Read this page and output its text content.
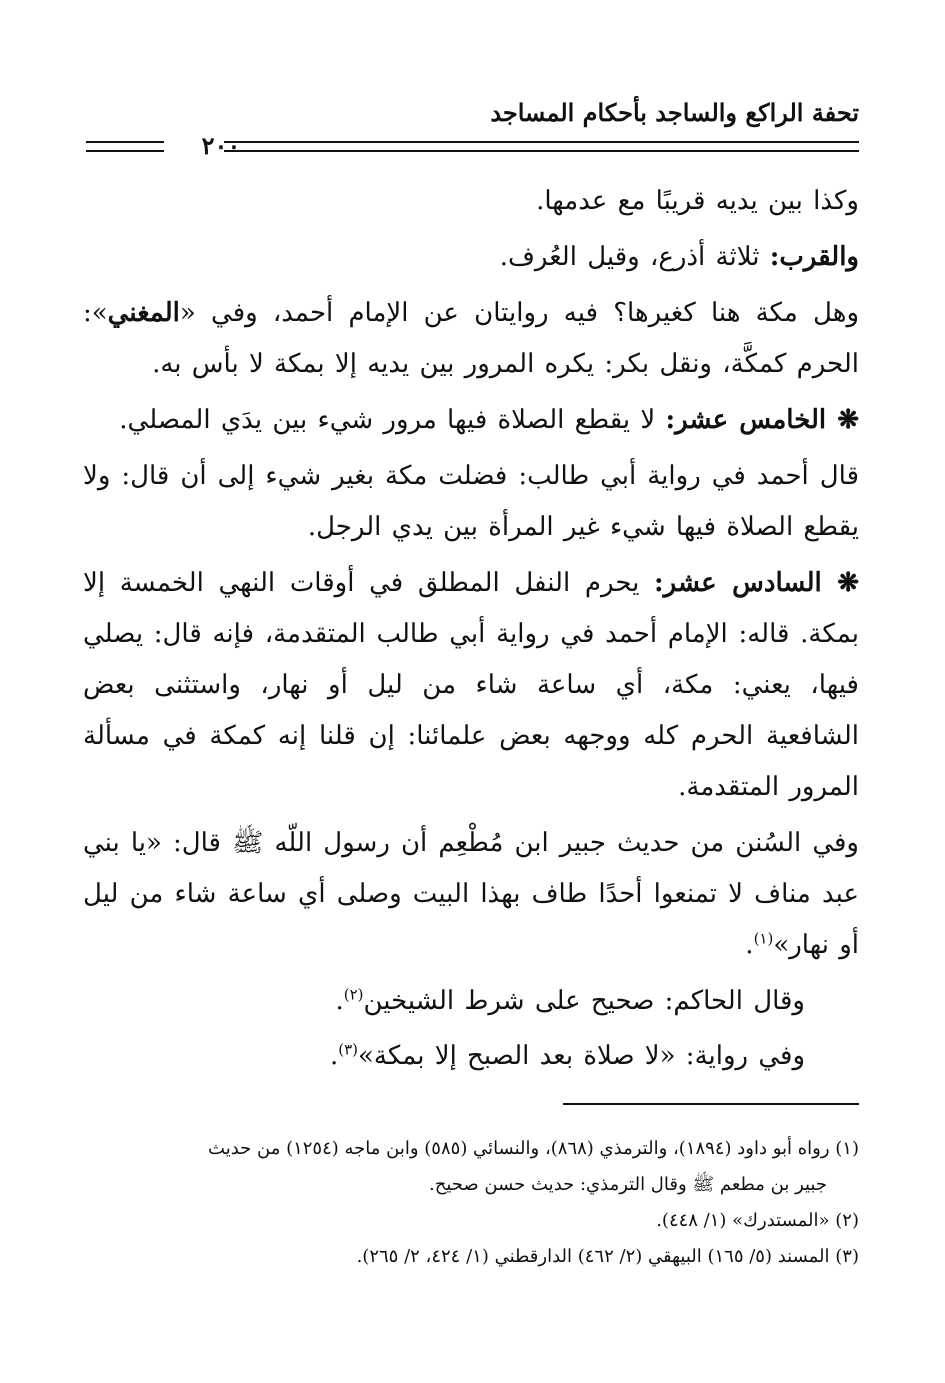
تحفة الراكع والساجد بأحكام المساجد
٢٠٠

وكذا بين يديه قريبًا مع عدمها.

والقرب: ثلاثة أذرع، وقيل العُرف.

وهل مكة هنا كغيرها؟ فيه روايتان عن الإمام أحمد، وفي «المغني»: الحرم كمكَّة، ونقل بكر: يكره المرور بين يديه إلا بمكة لا بأس به.

❋ الخامس عشر: لا يقطع الصلاة فيها مرور شيء بين يدَي المصلي.

قال أحمد في رواية أبي طالب: فضلت مكة بغير شيء إلى أن قال: ولا يقطع الصلاة فيها شيء غير المرأة بين يدي الرجل.

❋ السادس عشر: يحرم النفل المطلق في أوقات النهي الخمسة إلا بمكة. قاله: الإمام أحمد في رواية أبي طالب المتقدمة، فإنه قال: يصلي فيها، يعني: مكة، أي ساعة شاء من ليل أو نهار، واستثنى بعض الشافعية الحرم كله ووجهه بعض علمائنا: إن قلنا إنه كمكة في مسألة المرور المتقدمة.

وفي السُنن من حديث جبير ابن مُطْعِم أن رسول اللّه ﷺ قال: «يا بني عبد مناف لا تمنعوا أحدًا طاف بهذا البيت وصلى أي ساعة شاء من ليل أو نهار»$^{(١)}$.

وقال الحاكم: صحيح على شرط الشيخين$^{(٢)}$.

وفي رواية: «لا صلاة بعد الصبح إلا بمكة»$^{(٣)}$.

(١) رواه أبو داود (١٨٩٤)، والترمذي (٨٦٨)، والنسائي (٥٨٥) وابن ماجه (١٢٥٤) من حديث

جبير بن مطعم ﷺ وقال الترمذي: حديث حسن صحيح.

(٢) «المستدرك» (١/ ٤٤٨).

(٣) المسند (٥/ ١٦٥) البيهقي (٢/ ٤٦٢) الدارقطني (١/ ٤٢٤، ٢/ ٢٦٥).
